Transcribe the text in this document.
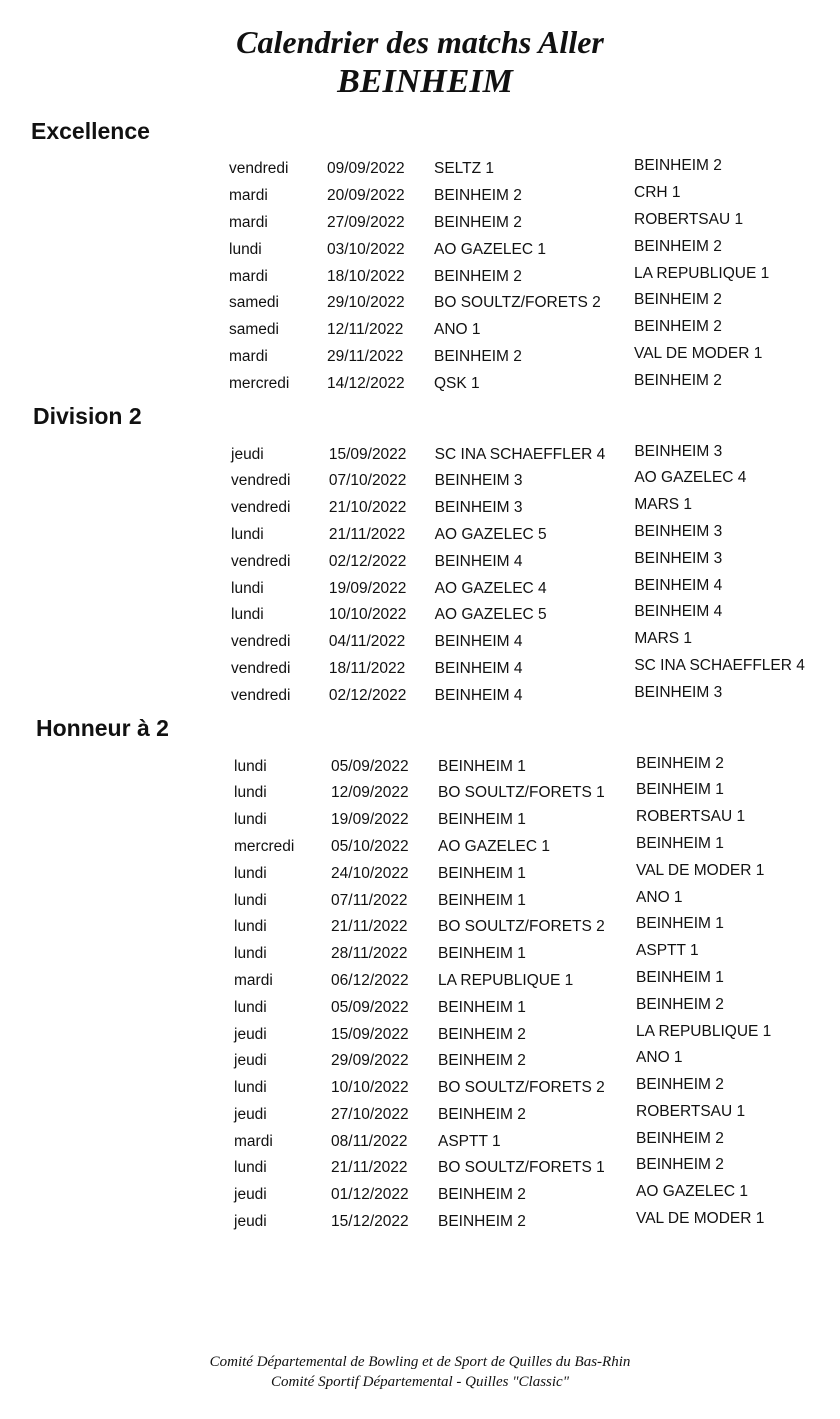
Calendrier des matchs Aller
BEINHEIM
Excellence
vendredi	09/09/2022	SELTZ 1	BEINHEIM 2
mardi	20/09/2022	BEINHEIM 2	CRH 1
mardi	27/09/2022	BEINHEIM 2	ROBERTSAU 1
lundi	03/10/2022	AO GAZELEC 1	BEINHEIM 2
mardi	18/10/2022	BEINHEIM 2	LA REPUBLIQUE 1
samedi	29/10/2022	BO SOULTZ/FORETS 2	BEINHEIM 2
samedi	12/11/2022	ANO 1	BEINHEIM 2
mardi	29/11/2022	BEINHEIM 2	VAL DE MODER 1
mercredi	14/12/2022	QSK 1	BEINHEIM 2
Division 2
jeudi	15/09/2022	SC INA SCHAEFFLER 4	BEINHEIM 3
vendredi	07/10/2022	BEINHEIM 3	AO GAZELEC 4
vendredi	21/10/2022	BEINHEIM 3	MARS 1
lundi	21/11/2022	AO GAZELEC 5	BEINHEIM 3
vendredi	02/12/2022	BEINHEIM 4	BEINHEIM 3
lundi	19/09/2022	AO GAZELEC 4	BEINHEIM 4
lundi	10/10/2022	AO GAZELEC 5	BEINHEIM 4
vendredi	04/11/2022	BEINHEIM 4	MARS 1
vendredi	18/11/2022	BEINHEIM 4	SC INA SCHAEFFLER 4
vendredi	02/12/2022	BEINHEIM 4	BEINHEIM 3
Honneur à 2
lundi	05/09/2022	BEINHEIM 1	BEINHEIM 2
lundi	12/09/2022	BO SOULTZ/FORETS 1	BEINHEIM 1
lundi	19/09/2022	BEINHEIM 1	ROBERTSAU 1
mercredi	05/10/2022	AO GAZELEC 1	BEINHEIM 1
lundi	24/10/2022	BEINHEIM 1	VAL DE MODER 1
lundi	07/11/2022	BEINHEIM 1	ANO 1
lundi	21/11/2022	BO SOULTZ/FORETS 2	BEINHEIM 1
lundi	28/11/2022	BEINHEIM 1	ASPTT 1
mardi	06/12/2022	LA REPUBLIQUE 1	BEINHEIM 1
lundi	05/09/2022	BEINHEIM 1	BEINHEIM 2
jeudi	15/09/2022	BEINHEIM 2	LA REPUBLIQUE 1
jeudi	29/09/2022	BEINHEIM 2	ANO 1
lundi	10/10/2022	BO SOULTZ/FORETS 2	BEINHEIM 2
jeudi	27/10/2022	BEINHEIM 2	ROBERTSAU 1
mardi	08/11/2022	ASPTT 1	BEINHEIM 2
lundi	21/11/2022	BO SOULTZ/FORETS 1	BEINHEIM 2
jeudi	01/12/2022	BEINHEIM 2	AO GAZELEC 1
jeudi	15/12/2022	BEINHEIM 2	VAL DE MODER 1
Comité Départemental de Bowling et de Sport de Quilles du Bas-Rhin
Comité Sportif Départemental - Quilles "Classic"
